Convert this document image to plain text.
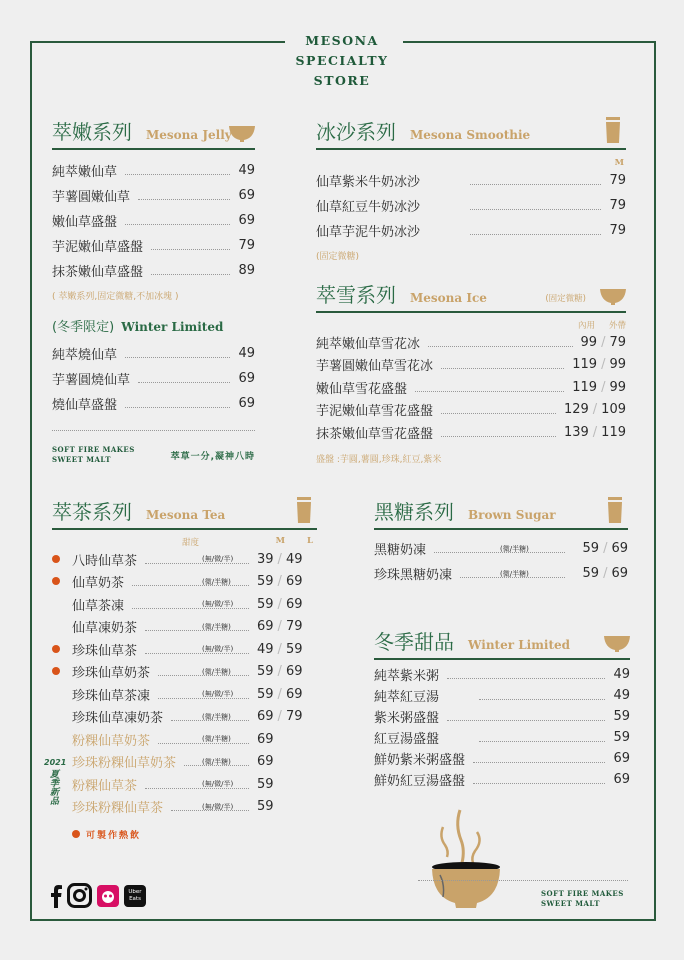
MESONA
SPECIALTY
STORE
萃嫩系列 Mesona Jelly
純萃嫩仙草	49
芋薯圓嫩仙草	69
嫩仙草盛盤	69
芋泥嫩仙草盛盤	79
抹茶嫩仙草盛盤	89
( 萃嫩系列,固定微糖,不加冰塊 )
(冬季限定) Winter Limited
純萃燒仙草	49
芋薯圓燒仙草	69
燒仙草盛盤	69
SOFT FIRE MAKES
SWEET MALT	萃草一分,凝神八時
冰沙系列 Mesona Smoothie
M
仙草紫米牛奶冰沙	79
仙草紅豆牛奶冰沙	79
仙草芋泥牛奶冰沙	79
(固定微糖)
萃雪系列 Mesona Ice	(固定微糖)
內用 外帶
純萃嫩仙草雪花冰	99 / 79
芋薯圓嫩仙草雪花冰	119 / 99
嫩仙草雪花盛盤	119 / 99
芋泥嫩仙草雪花盛盤	129 / 109
抹茶嫩仙草雪花盛盤	139 / 119
盛盤 :芋圓,薯圓,珍珠,紅豆,紫米
萃茶系列 Mesona Tea
甜度	M	L
八時仙草茶	(無/微/半) 39 / 49
仙草奶茶	(微/半糖) 59 / 69
仙草茶凍	(無/微/半) 59 / 69
仙草凍奶茶	(微/半糖) 69 / 79
珍珠仙草茶	(無/微/半) 49 / 59
珍珠仙草奶茶	(微/半糖) 59 / 69
珍珠仙草茶凍	(無/微/半) 59 / 69
珍珠仙草凍奶茶	(微/半糖) 69 / 79
粉粿仙草奶茶	(微/半糖) 69
珍珠粉粿仙草奶茶	(微/半糖) 69
粉粿仙草茶	(無/微/半) 59
珍珠粉粿仙草茶	(無/微/半) 59
可製作熱飲
2021
夏季新品
黑糖系列 Brown Sugar
黑糖奶凍	(微/半糖)	59 / 69
珍珠黑糖奶凍	(微/半糖)	59 / 69
冬季甜品 Winter Limited
純萃紫米粥	49
純萃紅豆湯	49
紫米粥盛盤	59
紅豆湯盛盤	59
鮮奶紫米粥盛盤	69
鮮奶紅豆湯盛盤	69
SOFT FIRE MAKES
SWEET MALT
Uber Eats
